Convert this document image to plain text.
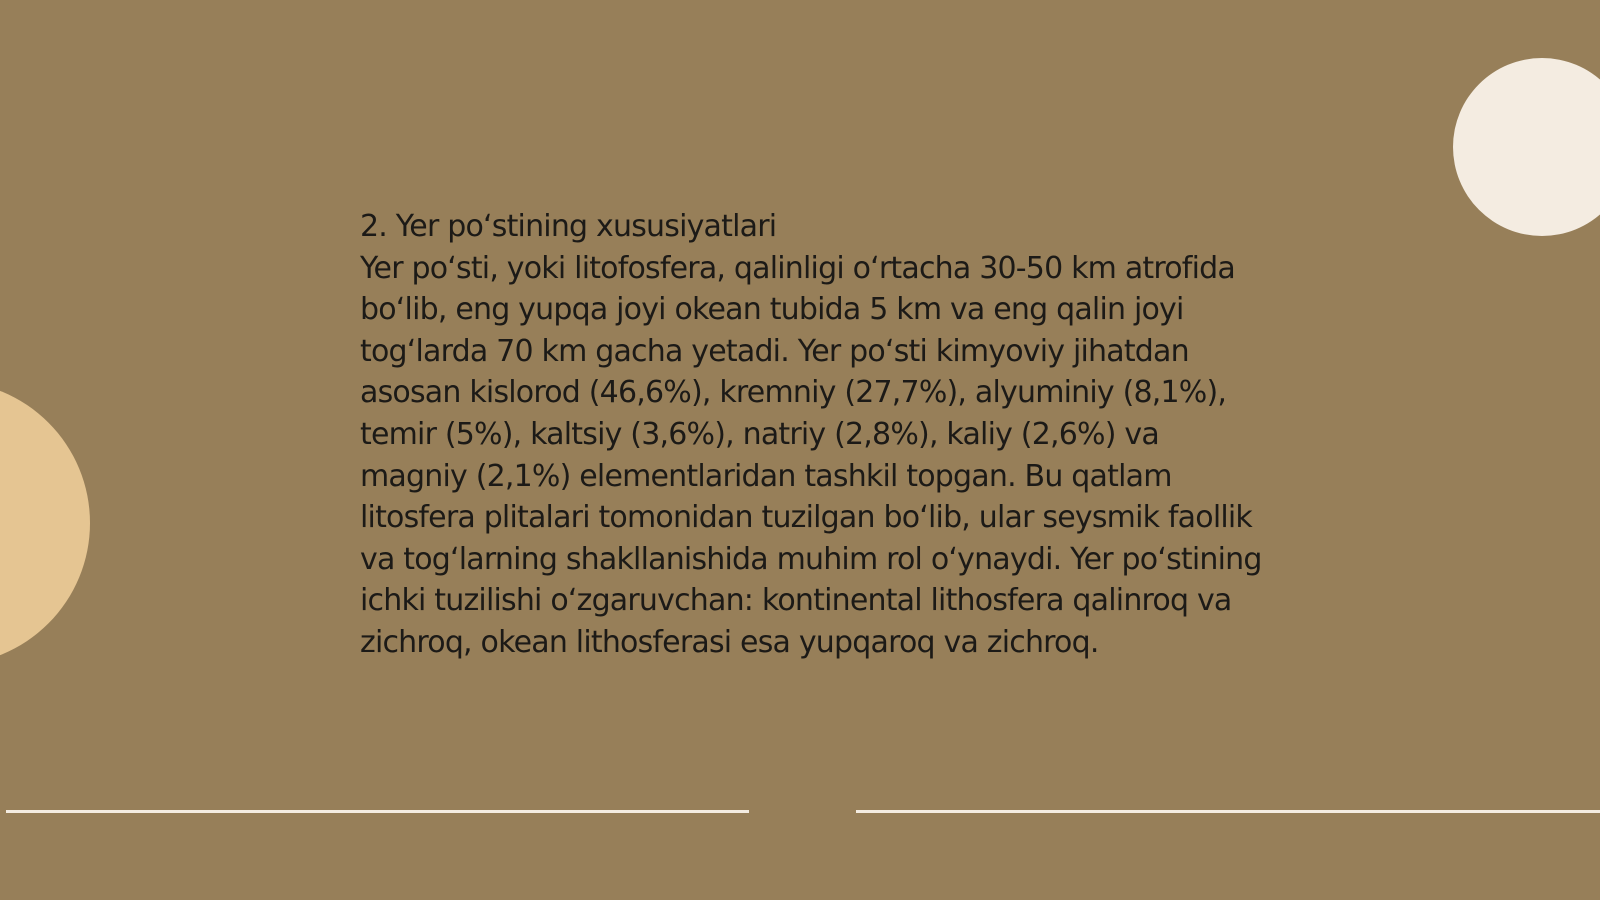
2. Yer po‘stining xususiyatlari

Yer po‘sti, yoki litofosfera, qalinligi o‘rtacha 30-50 km atrofida bo‘lib, eng yupqa joyi okean tubida 5 km va eng qalin joyi tog‘larda 70 km gacha yetadi. Yer po‘sti kimyoviy jihatdan asosan kislorod (46,6%), kremniy (27,7%), alyuminiy (8,1%), temir (5%), kaltsiy (3,6%), natriy (2,8%), kaliy (2,6%) va magniy (2,1%) elementlaridan tashkil topgan. Bu qatlam litosfera plitalari tomonidan tuzilgan bo‘lib, ular seysmik faollik va tog‘larning shakllanishida muhim rol o‘ynaydi. Yer po‘stining ichki tuzilishi o‘zgaruvchan: kontinental lithosfera qalinroq va zichroq, okean lithosferasi esa yupqaroq va zichroq.
